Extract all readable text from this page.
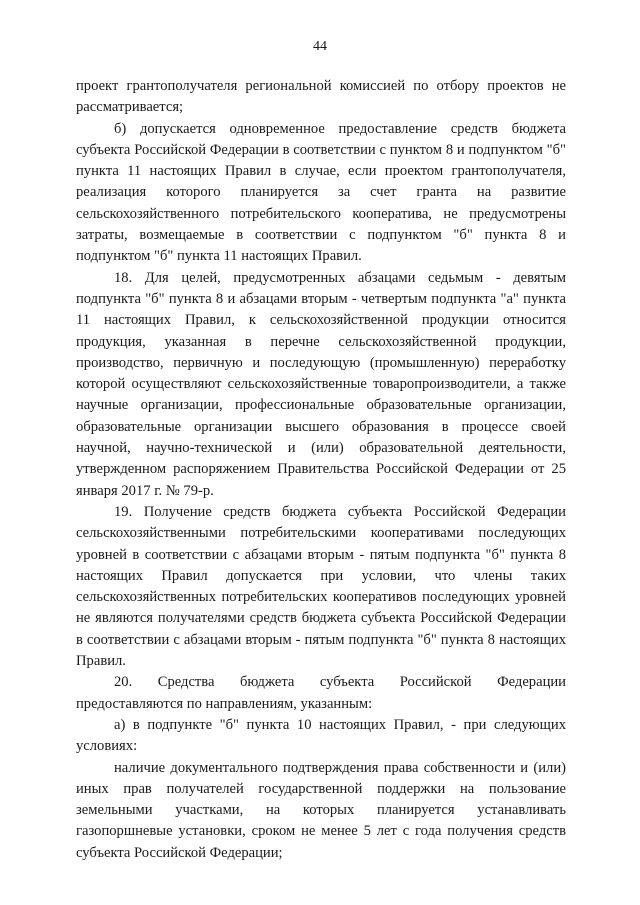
44

проект грантополучателя региональной комиссией по отбору проектов не рассматривается;

б) допускается одновременное предоставление средств бюджета субъекта Российской Федерации в соответствии с пунктом 8 и подпунктом "б" пункта 11 настоящих Правил в случае, если проектом грантополучателя, реализация которого планируется за счет гранта на развитие сельскохозяйственного потребительского кооператива, не предусмотрены затраты, возмещаемые в соответствии с подпунктом "б" пункта 8 и подпунктом "б" пункта 11 настоящих Правил.

18. Для целей, предусмотренных абзацами седьмым - девятым подпункта "б" пункта 8 и абзацами вторым - четвертым подпункта "а" пункта 11 настоящих Правил, к сельскохозяйственной продукции относится продукция, указанная в перечне сельскохозяйственной продукции, производство, первичную и последующую (промышленную) переработку которой осуществляют сельскохозяйственные товаропроизводители, а также научные организации, профессиональные образовательные организации, образовательные организации высшего образования в процессе своей научной, научно-технической и (или) образовательной деятельности, утвержденном распоряжением Правительства Российской Федерации от 25 января 2017 г. № 79-р.

19. Получение средств бюджета субъекта Российской Федерации сельскохозяйственными потребительскими кооперативами последующих уровней в соответствии с абзацами вторым - пятым подпункта "б" пункта 8 настоящих Правил допускается при условии, что члены таких сельскохозяйственных потребительских кооперативов последующих уровней не являются получателями средств бюджета субъекта Российской Федерации в соответствии с абзацами вторым - пятым подпункта "б" пункта 8 настоящих Правил.

20. Средства бюджета субъекта Российской Федерации предоставляются по направлениям, указанным:

а) в подпункте "б" пункта 10 настоящих Правил, - при следующих условиях:

наличие документального подтверждения права собственности и (или) иных прав получателей государственной поддержки на пользование земельными участками, на которых планируется устанавливать газопоршневые установки, сроком не менее 5 лет с года получения средств субъекта Российской Федерации;
